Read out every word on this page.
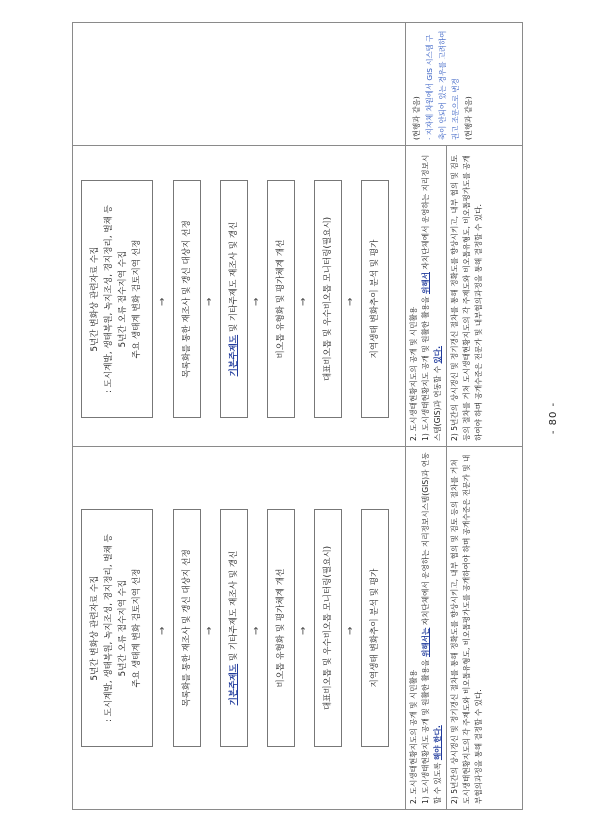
5년간 변화상 관련자료 수집 : 도시계발, 생태복원, 녹지조성, 경지정리, 벌채 등 5년간 오류 접수지역 수집 주요 생태계 변화 검토지역 선정 →	목록화를 통한 재조사 및 갱신 대상지 선정	→
기본주제도 및 기타주제도 재조사 및 갱신	→	비오톱 유형화 및 평가체계 개선	→	대표비오톱 및 우수비오톱 모니터링(필요시)	→	지역생태 변화추이 분석 및 평가
2. 도시생태현황지도의 공개 및 시민활용 1) 도시생태현황지도 공개 및 원활한 활용을 위해서는 자치단체에서 운영하는 지리정보시스템(GIS)과 연동할 수 있도록 해야 한다.	2) 5년간의 상시갱신 및 정기갱신 절차를 통해 정확도를 향상시키고, 내부 협의 및 검토 등의 절차를 거쳐 도시생태현황지도의 각 주제도와 비오톱유형도, 비오톱평가도를 공개하여야 하며 공개수준은 전문가 및 내부협의과정을 통해 결정할 수 있다.

5년간 변화상 관련자료 수집 : 도시계발, 생태복원, 녹지조성, 경지정리, 벌채 등 5년간 오류 접수지역 수집 주요 생태계 변화 검토지역 선정 →	목록화를 통한 재조사 및 갱신 대상지 선정	→
기본주제도 및 기타주제도 재조사 및 갱신	→	비오톱 유형화 및 평가체계 개선	→	대표비오톱 및 우수비오톱 모니터링(필요시)	→	지역생태 변화추이 분석 및 평가
2. 도시생태현황지도의 공개 및 시민활용 1) 도시생태현황지도 공개 및 원활한 활용을 위해서 자치단체에서 운영하는 지리정보시스템(GIS)과 연동할 수 있다.	2) 5년간의 상시갱신 및 정기갱신 절차를 통해 정확도를 향상시키고, 내부 협의 및 검토 등의 절차를 거쳐 도시생태현황지도의 각 주제도와 비오톱유형도, 비오톱평가도를 공개하여야 하며 공개수준은 전문가 및 내부협의과정을 통해 결정할 수 있다.

(현행과 같음) · 지자체 차원에서 GIS 시스템 구축이 안되어 있는 경우를 고려하여 권고 조문으로 변경 (현행과 같음)
- 80 -
